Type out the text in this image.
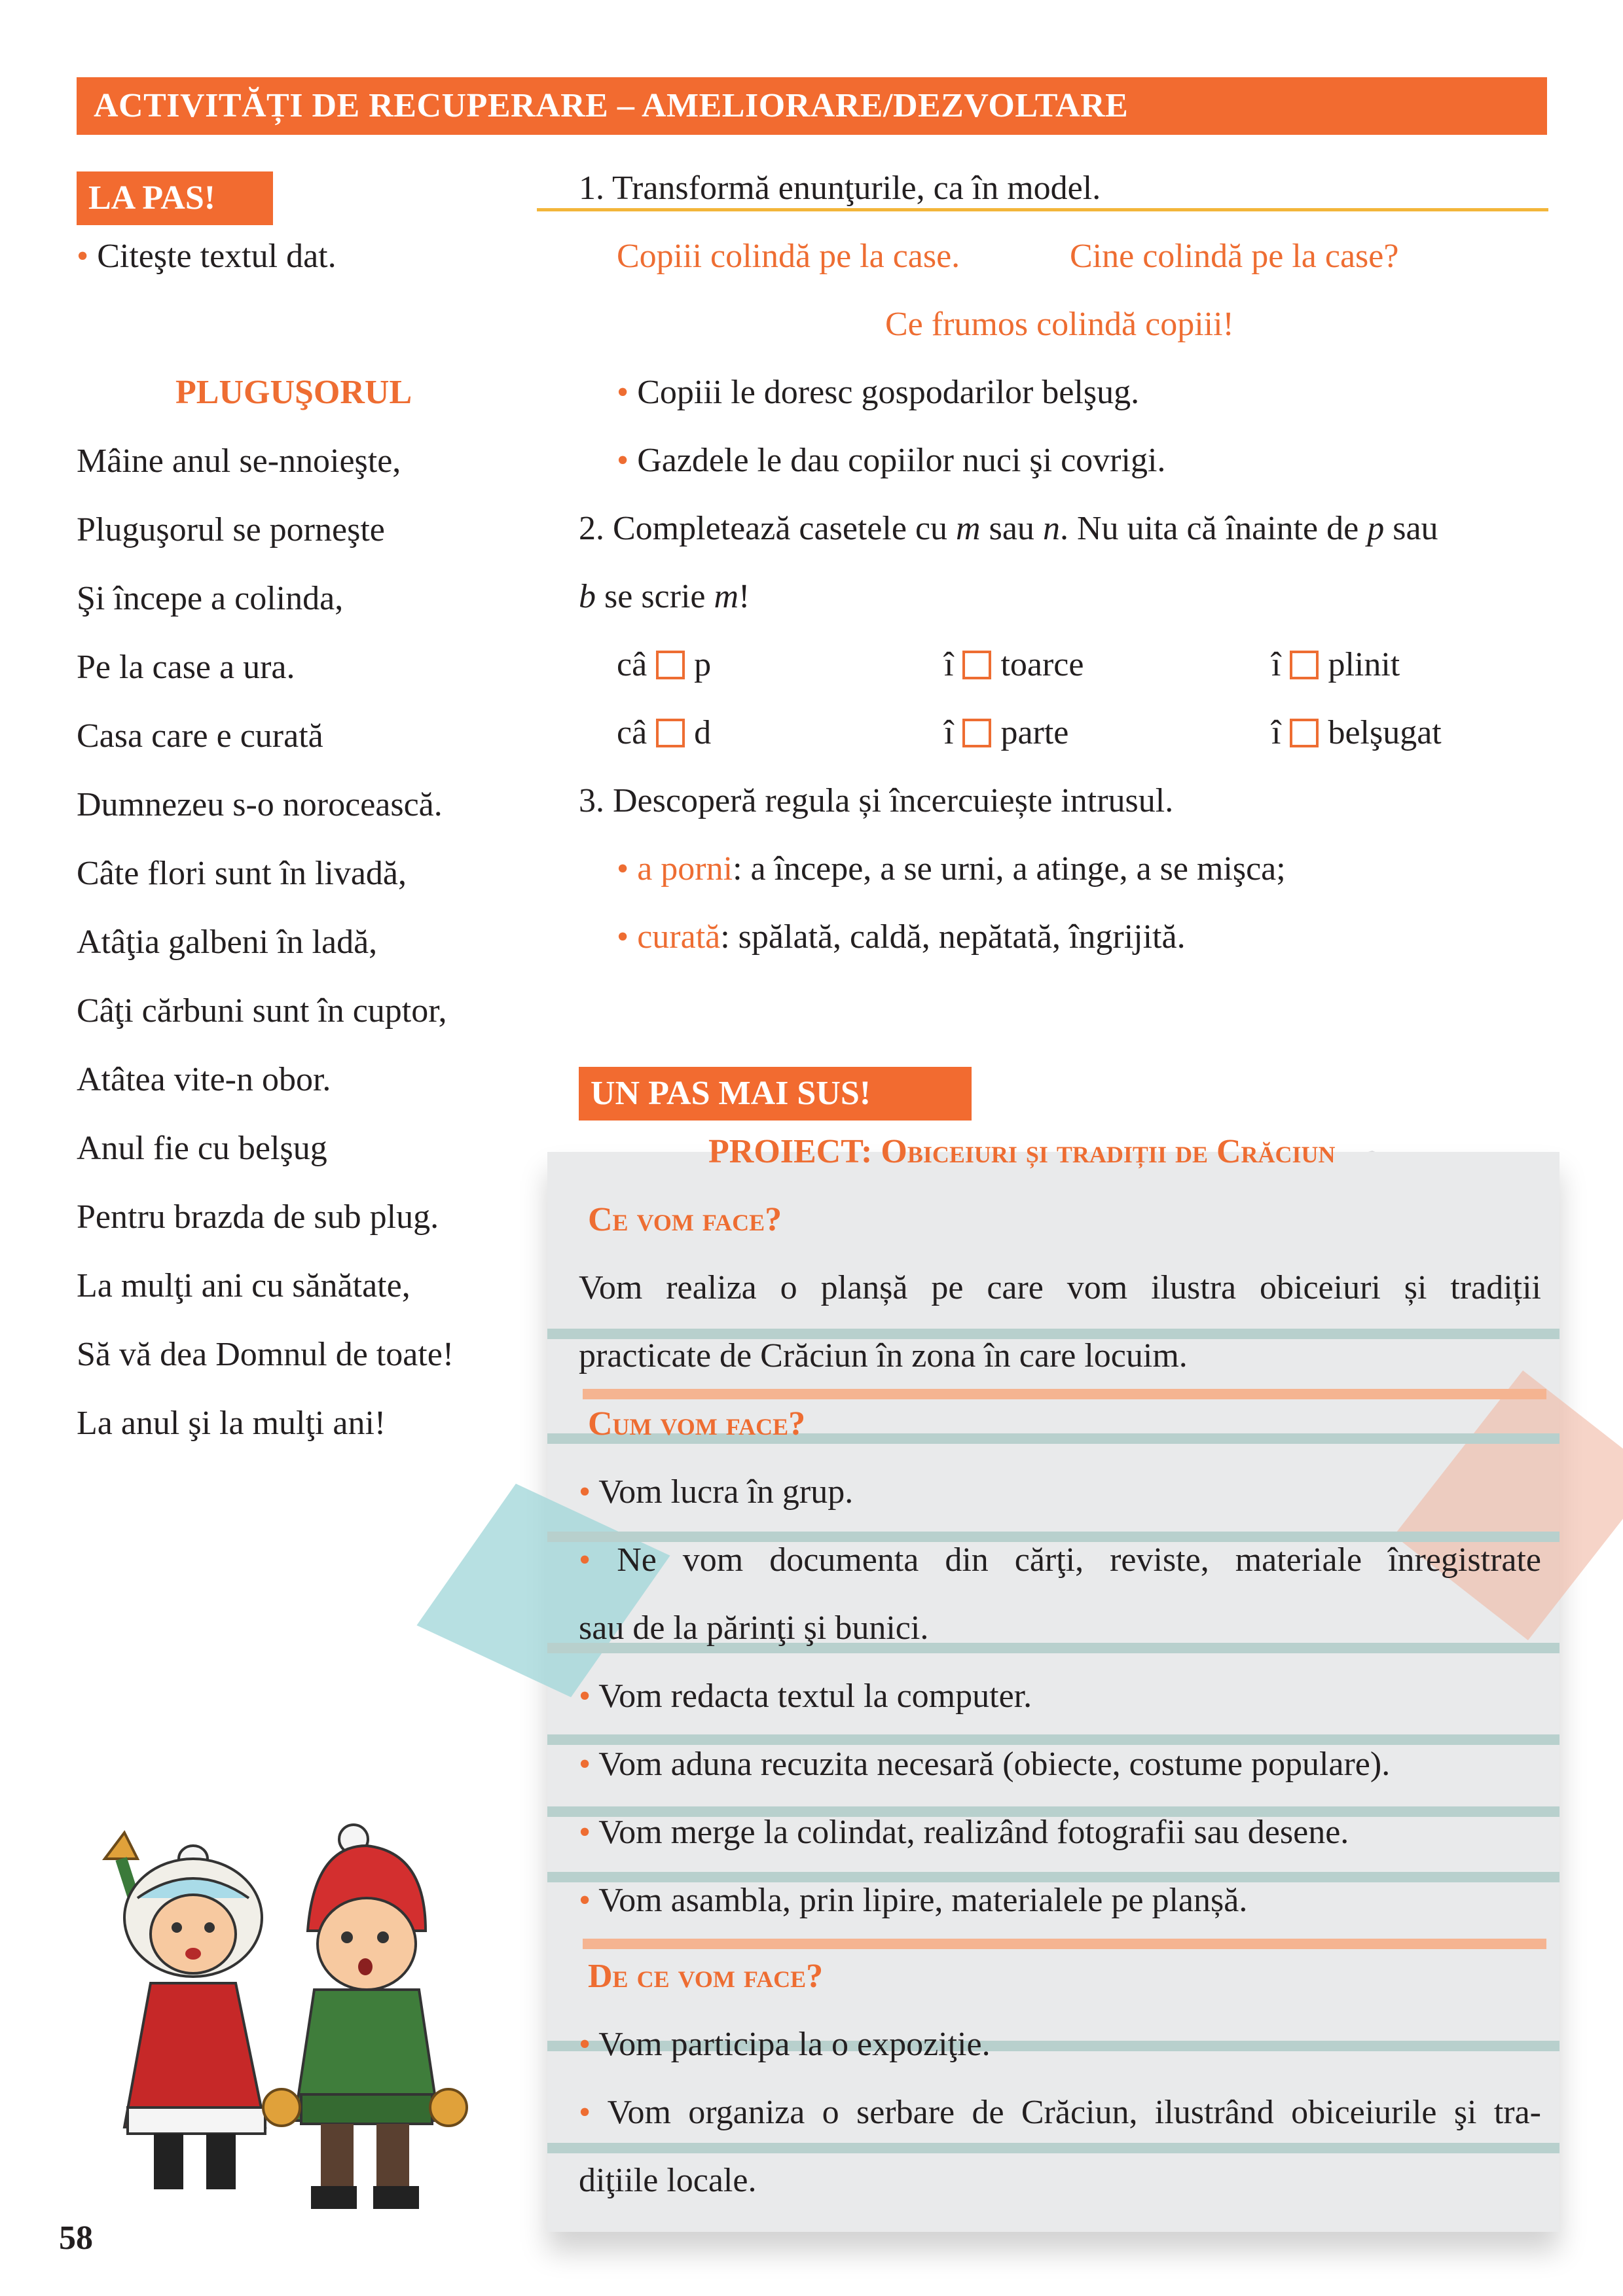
ACTIVITĂȚI DE RECUPERARE – AMELIORARE/DEZVOLTARE
LA PAS!
• Citeşte textul dat.
PLUGUŞORUL
Mâine anul se-nnoieşte,
Pluguşorul se porneşte
Şi începe a colinda,
Pe la case a ura.
Casa care e curată
Dumnezeu s-o norocească.
Câte flori sunt în livadă,
Atâţia galbeni în ladă,
Câţi cărbuni sunt în cuptor,
Atâtea vite-n obor.
Anul fie cu belşug
Pentru brazda de sub plug.
La mulţi ani cu sănătate,
Să vă dea Domnul de toate!
La anul şi la mulţi ani!
1. Transformă enunţurile, ca în model.
Copiii colindă pe la case.	Cine colindă pe la case?
Ce frumos colindă copiii!
• Copiii le doresc gospodarilor belşug.
• Gazdele le dau copiilor nuci şi covrigi.
2. Completează casetele cu m sau n. Nu uita că înainte de p sau
b se scrie m!
câ p	î toarce	î plinit
câ d	î parte	î belşugat
3. Descoperă regula și încercuiește intrusul.
• a porni: a începe, a se urni, a atinge, a se mişca;
• curată: spălată, caldă, nepătată, îngrijită.
UN PAS MAI SUS!
PROIECT: Obiceiuri și tradiții de Crăciun
Ce vom face?
Vom realiza o planșă pe care vom ilustra obiceiuri și tradiții
practicate de Crăciun în zona în care locuim.
Cum vom face?
• Vom lucra în grup.
• Ne vom documenta din cărţi, reviste, materiale înregistrate
sau de la părinţi şi bunici.
• Vom redacta textul la computer.
• Vom aduna recuzita necesară (obiecte, costume populare).
• Vom merge la colindat, realizând fotografii sau desene.
• Vom asambla, prin lipire, materialele pe planșă.
De ce vom face?
• Vom participa la o expoziţie.
• Vom organiza o serbare de Crăciun, ilustrând obiceiurile şi tra-
diţiile locale.
58
